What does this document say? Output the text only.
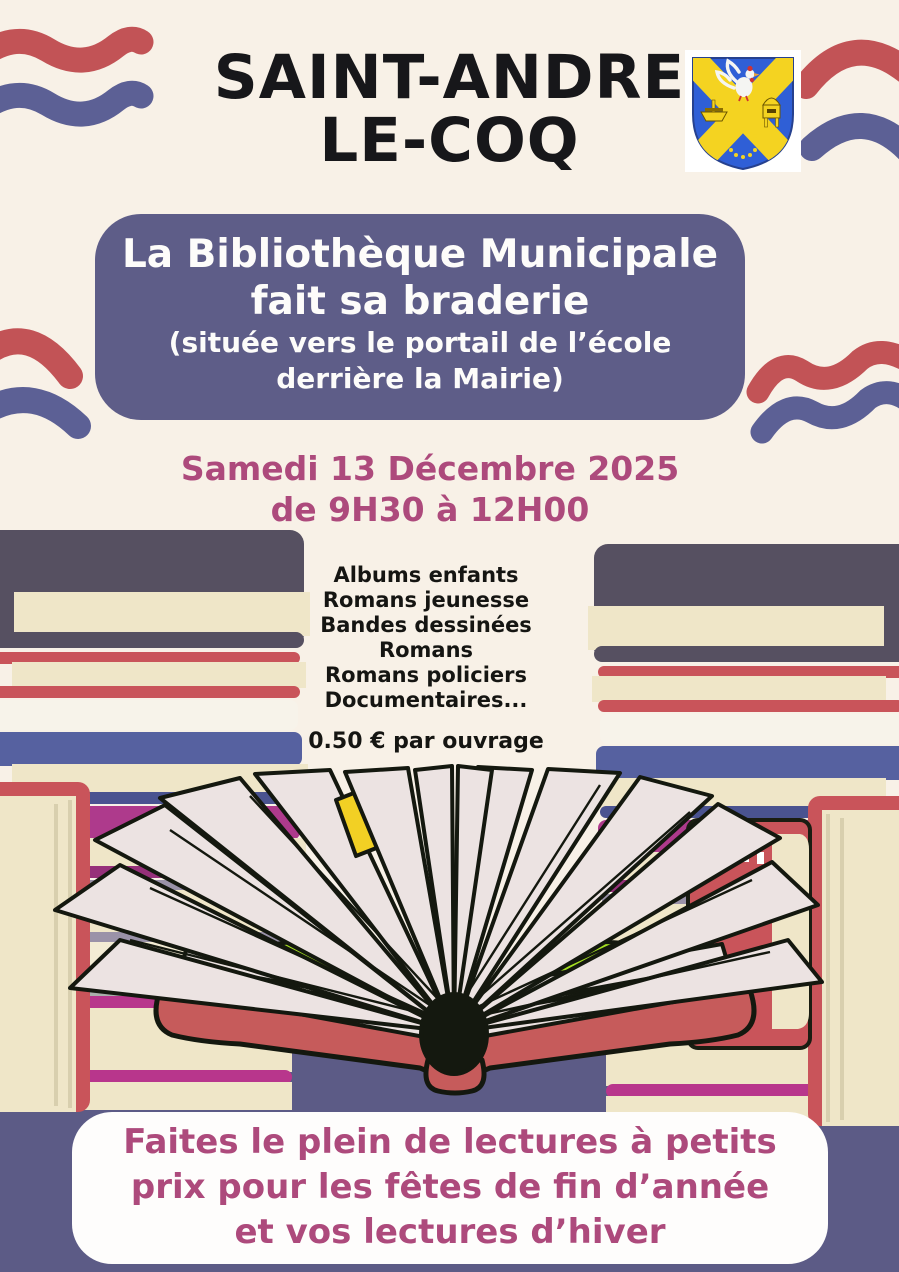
SAINT-ANDRE
LE-COQ
La Bibliothèque Municipale
fait sa braderie
(située vers le portail de l’école
derrière la Mairie)
Samedi 13 Décembre 2025
de 9H30 à 12H00
Albums enfants
Romans jeunesse
Bandes dessinées
Romans
Romans policiers
Documentaires...
0.50 € par ouvrage
Faites le plein de lectures à petits
prix pour les fêtes de fin d’année
et vos lectures d’hiver
